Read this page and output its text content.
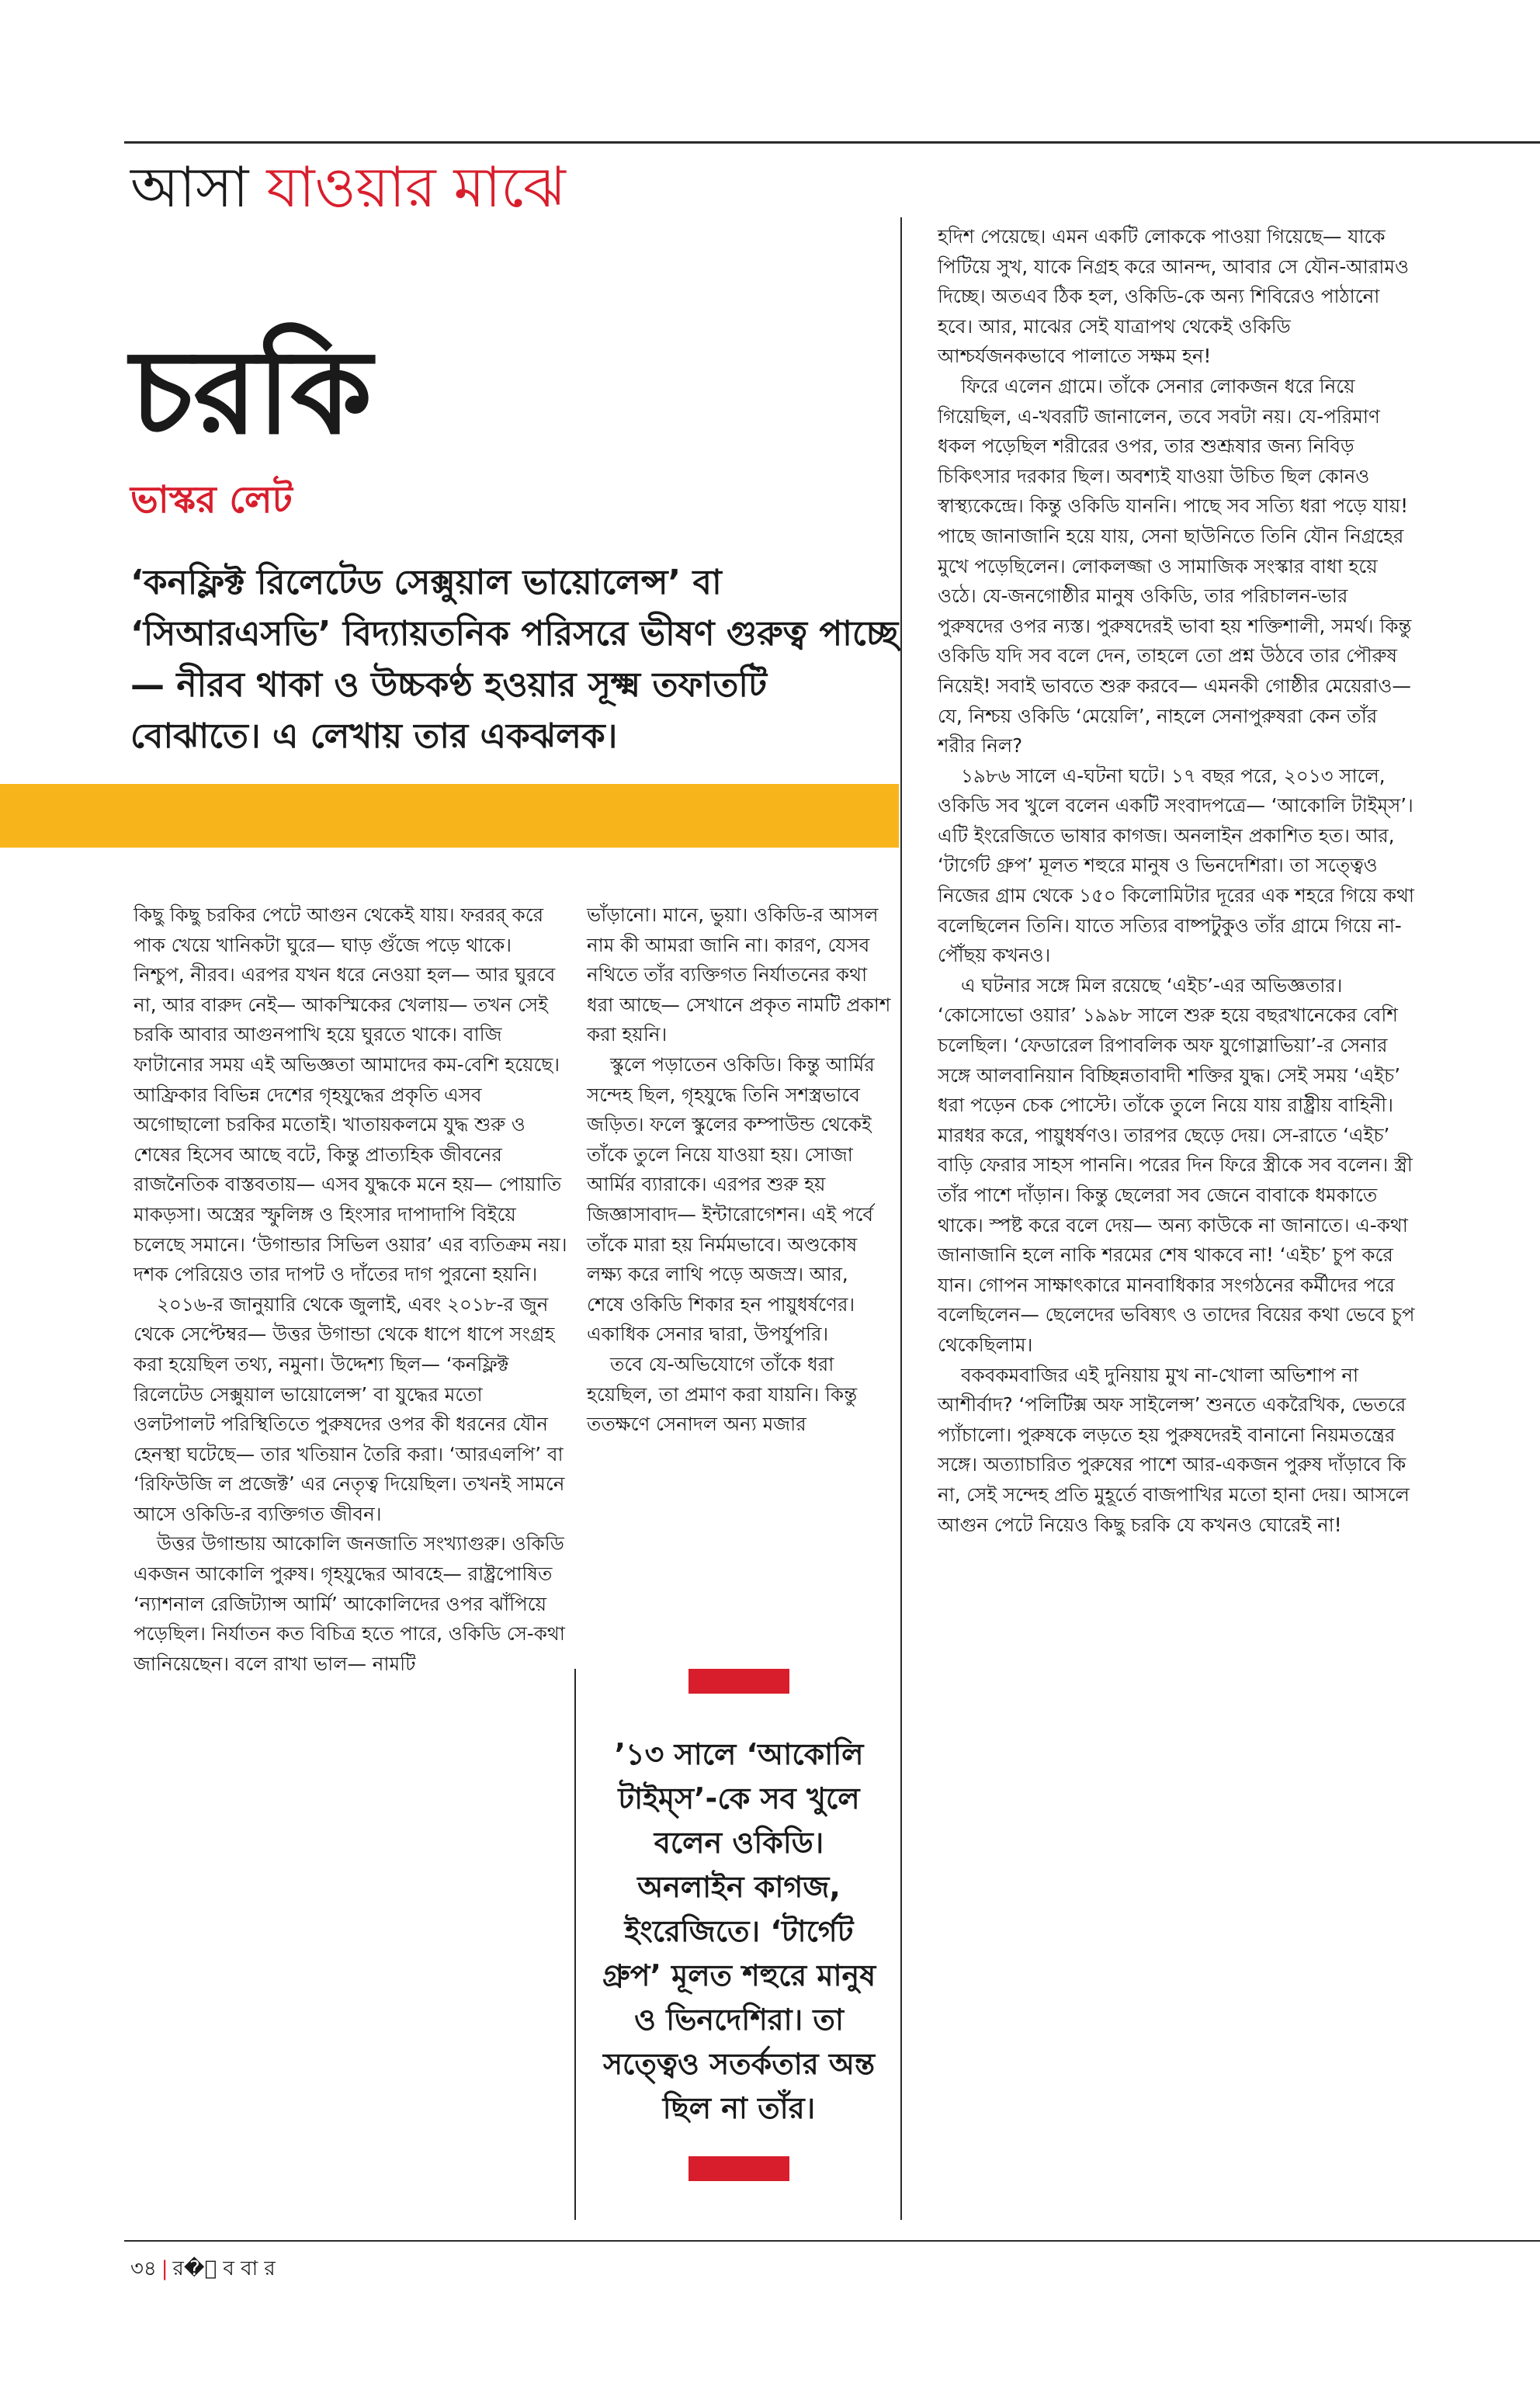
আসা যাওয়ার মাঝে
চরকি
ভাস্কর লেট
‘কনফ্লিক্ট রিলেটেড সেক্সুয়াল ভায়োলেন্স’ বা ‘সিআরএসভি’ বিদ্যায়তনিক পরিসরে ভীষণ গুরুত্ব পাচ্ছে— নীরব থাকা ও উচ্চকণ্ঠ হওয়ার সূক্ষ্ম তফাতটি বোঝাতে। এ লেখায় তার একঝলক।

কিছু কিছু চরকির পেটে আগুন থেকেই যায়। ফররর্‌ করে পাক খেয়ে খানিকটা ঘুরে— ঘাড় গুঁজে পড়ে থাকে। নিশ্চুপ, নীরব। এরপর যখন ধরে নেওয়া হল— আর ঘুরবে না, আর বারুদ নেই— আকস্মিকের খেলায়— তখন সেই চরকি আবার আগুনপাখি হয়ে ঘুরতে থাকে। বাজি ফাটানোর সময় এই অভিজ্ঞতা আমাদের কম-বেশি হয়েছে। আফ্রিকার বিভিন্ন দেশের গৃহযুদ্ধের প্রকৃতি এসব অগোছালো চরকির মতোই। খাতায়কলমে যুদ্ধ শুরু ও শেষের হিসেব আছে বটে, কিন্তু প্রাত্যহিক জীবনের রাজনৈতিক বাস্তবতায়— এসব যুদ্ধকে মনে হয়— পোয়াতি মাকড়সা। অস্ত্রের স্ফুলিঙ্গ ও হিংসার দাপাদাপি বিইয়ে চলেছে সমানে। ‘উগান্ডার সিভিল ওয়ার’ এর ব্যতিক্রম নয়। দশক পেরিয়েও তার দাপট ও দাঁতের দাগ পুরনো হয়নি।

২০১৬-র জানুয়ারি থেকে জুলাই, এবং ২০১৮-র জুন থেকে সেপ্টেম্বর— উত্তর উগান্ডা থেকে ধাপে ধাপে সংগ্রহ করা হয়েছিল তথ্য, নমুনা। উদ্দেশ্য ছিল— ‘কনফ্লিক্ট রিলেটেড সেক্সুয়াল ভায়োলেন্স’ বা যুদ্ধের মতো ওলটপালট পরিস্থিতিতে পুরুষদের ওপর কী ধরনের যৌন হেনস্থা ঘটেছে— তার খতিয়ান তৈরি করা। ‘আরএলপি’ বা ‘রিফিউজি ল প্রজেক্ট’ এর নেতৃত্ব দিয়েছিল। তখনই সামনে আসে ওকিডি-র ব্যক্তিগত জীবন।

উত্তর উগান্ডায় আকোলি জনজাতি সংখ্যাগুরু। ওকিডি একজন আকোলি পুরুষ। গৃহযুদ্ধের আবহে— রাষ্ট্রপোষিত ‘ন্যাশনাল রেজিট্যান্স আর্মি’ আকোলিদের ওপর ঝাঁপিয়ে পড়েছিল। নির্যাতন কত বিচিত্র হতে পারে, ওকিডি সে-কথা জানিয়েছেন। বলে রাখা ভাল— নামটি

ভাঁড়ানো। মানে, ভুয়া। ওকিডি-র আসল নাম কী আমরা জানি না। কারণ, যেসব নথিতে তাঁর ব্যক্তিগত নির্যাতনের কথা ধরা আছে— সেখানে প্রকৃত নামটি প্রকাশ করা হয়নি।

স্কুলে পড়াতেন ওকিডি। কিন্তু আর্মির সন্দেহ ছিল, গৃহযুদ্ধে তিনি সশস্ত্রভাবে জড়িত। ফলে স্কুলের কম্পাউন্ড থেকেই তাঁকে তুলে নিয়ে যাওয়া হয়। সোজা আর্মির ব্যারাকে। এরপর শুরু হয় জিজ্ঞাসাবাদ— ইন্টারোগেশন। এই পর্বে তাঁকে মারা হয় নির্মমভাবে। অণ্ডকোষ লক্ষ্য করে লাথি পড়ে অজস্র। আর, শেষে ওকিডি শিকার হন পায়ুধর্ষণের। একাধিক সেনার দ্বারা, উপর্যুপরি।

তবে যে-অভিযোগে তাঁকে ধরা হয়েছিল, তা প্রমাণ করা যায়নি। কিন্তু ততক্ষণে সেনাদল অন্য মজার

’১৩ সালে ‘আকোলি টাইম্‌স’-কে সব খুলে বলেন ওকিডি। অনলাইন কাগজ, ইংরেজিতে। ‘টার্গেট গ্রুপ’ মূলত শহুরে মানুষ ও ভিনদেশিরা। তা সত্ত্বেও সতর্কতার অন্ত ছিল না তাঁর।

হদিশ পেয়েছে। এমন একটি লোককে পাওয়া গিয়েছে— যাকে পিটিয়ে সুখ, যাকে নিগ্রহ করে আনন্দ, আবার সে যৌন-আরামও দিচ্ছে। অতএব ঠিক হল, ওকিডি-কে অন্য শিবিরেও পাঠানো হবে। আর, মাঝের সেই যাত্রাপথ থেকেই ওকিডি আশ্চর্যজনকভাবে পালাতে সক্ষম হন!

ফিরে এলেন গ্রামে। তাঁকে সেনার লোকজন ধরে নিয়ে গিয়েছিল, এ-খবরটি জানালেন, তবে সবটা নয়। যে-পরিমাণ ধকল পড়েছিল শরীরের ওপর, তার শুশ্রূষার জন্য নিবিড় চিকিৎসার দরকার ছিল। অবশ্যই যাওয়া উচিত ছিল কোনও স্বাস্থ্যকেন্দ্রে। কিন্তু ওকিডি যাননি। পাছে সব সত্যি ধরা পড়ে যায়! পাছে জানাজানি হয়ে যায়, সেনা ছাউনিতে তিনি যৌন নিগ্রহের মুখে পড়েছিলেন। লোকলজ্জা ও সামাজিক সংস্কার বাধা হয়ে ওঠে। যে-জনগোষ্ঠীর মানুষ ওকিডি, তার পরিচালন-ভার পুরুষদের ওপর ন্যস্ত। পুরুষদেরই ভাবা হয় শক্তিশালী, সমর্থ। কিন্তু ওকিডি যদি সব বলে দেন, তাহলে তো প্রশ্ন উঠবে তার পৌরুষ নিয়েই! সবাই ভাবতে শুরু করবে— এমনকী গোষ্ঠীর মেয়েরাও— যে, নিশ্চয় ওকিডি ‘মেয়েলি’, নাহলে সেনাপুরুষরা কেন তাঁর শরীর নিল?

১৯৮৬ সালে এ-ঘটনা ঘটে। ১৭ বছর পরে, ২০১৩ সালে, ওকিডি সব খুলে বলেন একটি সংবাদপত্রে— ‘আকোলি টাইম্‌স’। এটি ইংরেজিতে ভাষার কাগজ। অনলাইন প্রকাশিত হত। আর, ‘টার্গেট গ্রুপ’ মূলত শহুরে মানুষ ও ভিনদেশিরা। তা সত্ত্বেও নিজের গ্রাম থেকে ১৫০ কিলোমিটার দূরের এক শহরে গিয়ে কথা বলেছিলেন তিনি। যাতে সত্যির বাষ্পটুকুও তাঁর গ্রামে গিয়ে না-পৌঁছয় কখনও।

এ ঘটনার সঙ্গে মিল রয়েছে ‘এইচ’-এর অভিজ্ঞতার। ‘কোসোভো ওয়ার’ ১৯৯৮ সালে শুরু হয়ে বছরখানেকের বেশি চলেছিল। ‘ফেডারেল রিপাবলিক অফ যুগোস্লাভিয়া’-র সেনার সঙ্গে আলবানিয়ান বিচ্ছিন্নতাবাদী শক্তির যুদ্ধ। সেই সময় ‘এইচ’ ধরা পড়েন চেক পোস্টে। তাঁকে তুলে নিয়ে যায় রাষ্ট্রীয় বাহিনী। মারধর করে, পায়ুধর্ষণও। তারপর ছেড়ে দেয়। সে-রাতে ‘এইচ’ বাড়ি ফেরার সাহস পাননি। পরের দিন ফিরে স্ত্রীকে সব বলেন। স্ত্রী তাঁর পাশে দাঁড়ান। কিন্তু ছেলেরা সব জেনে বাবাকে ধমকাতে থাকে। স্পষ্ট করে বলে দেয়— অন্য কাউকে না জানাতে। এ-কথা জানাজানি হলে নাকি শরমের শেষ থাকবে না! ‘এইচ’ চুপ করে যান। গোপন সাক্ষাৎকারে মানবাধিকার সংগঠনের কর্মীদের পরে বলেছিলেন— ছেলেদের ভবিষ্যৎ ও তাদের বিয়ের কথা ভেবে চুপ থেকেছিলাম।

বকবকমবাজির এই দুনিয়ায় মুখ না-খোলা অভিশাপ না আশীর্বাদ? ‘পলিটিক্স অফ সাইলেন্স’ শুনতে একরৈখিক, ভেতরে প্যাঁচালো। পুরুষকে লড়তে হয় পুরুষদেরই বানানো নিয়মতন্ত্রের সঙ্গে। অত্যাচারিত পুরুষের পাশে আর-একজন পুরুষ দাঁড়াবে কি না, সেই সন্দেহ প্রতি মুহূর্তে বাজপাখির মতো হানা দেয়। আসলে আগুন পেটে নিয়েও কিছু চরকি যে কখনও ঘোরেই না!

৩৪ | র�ো ব বা র
